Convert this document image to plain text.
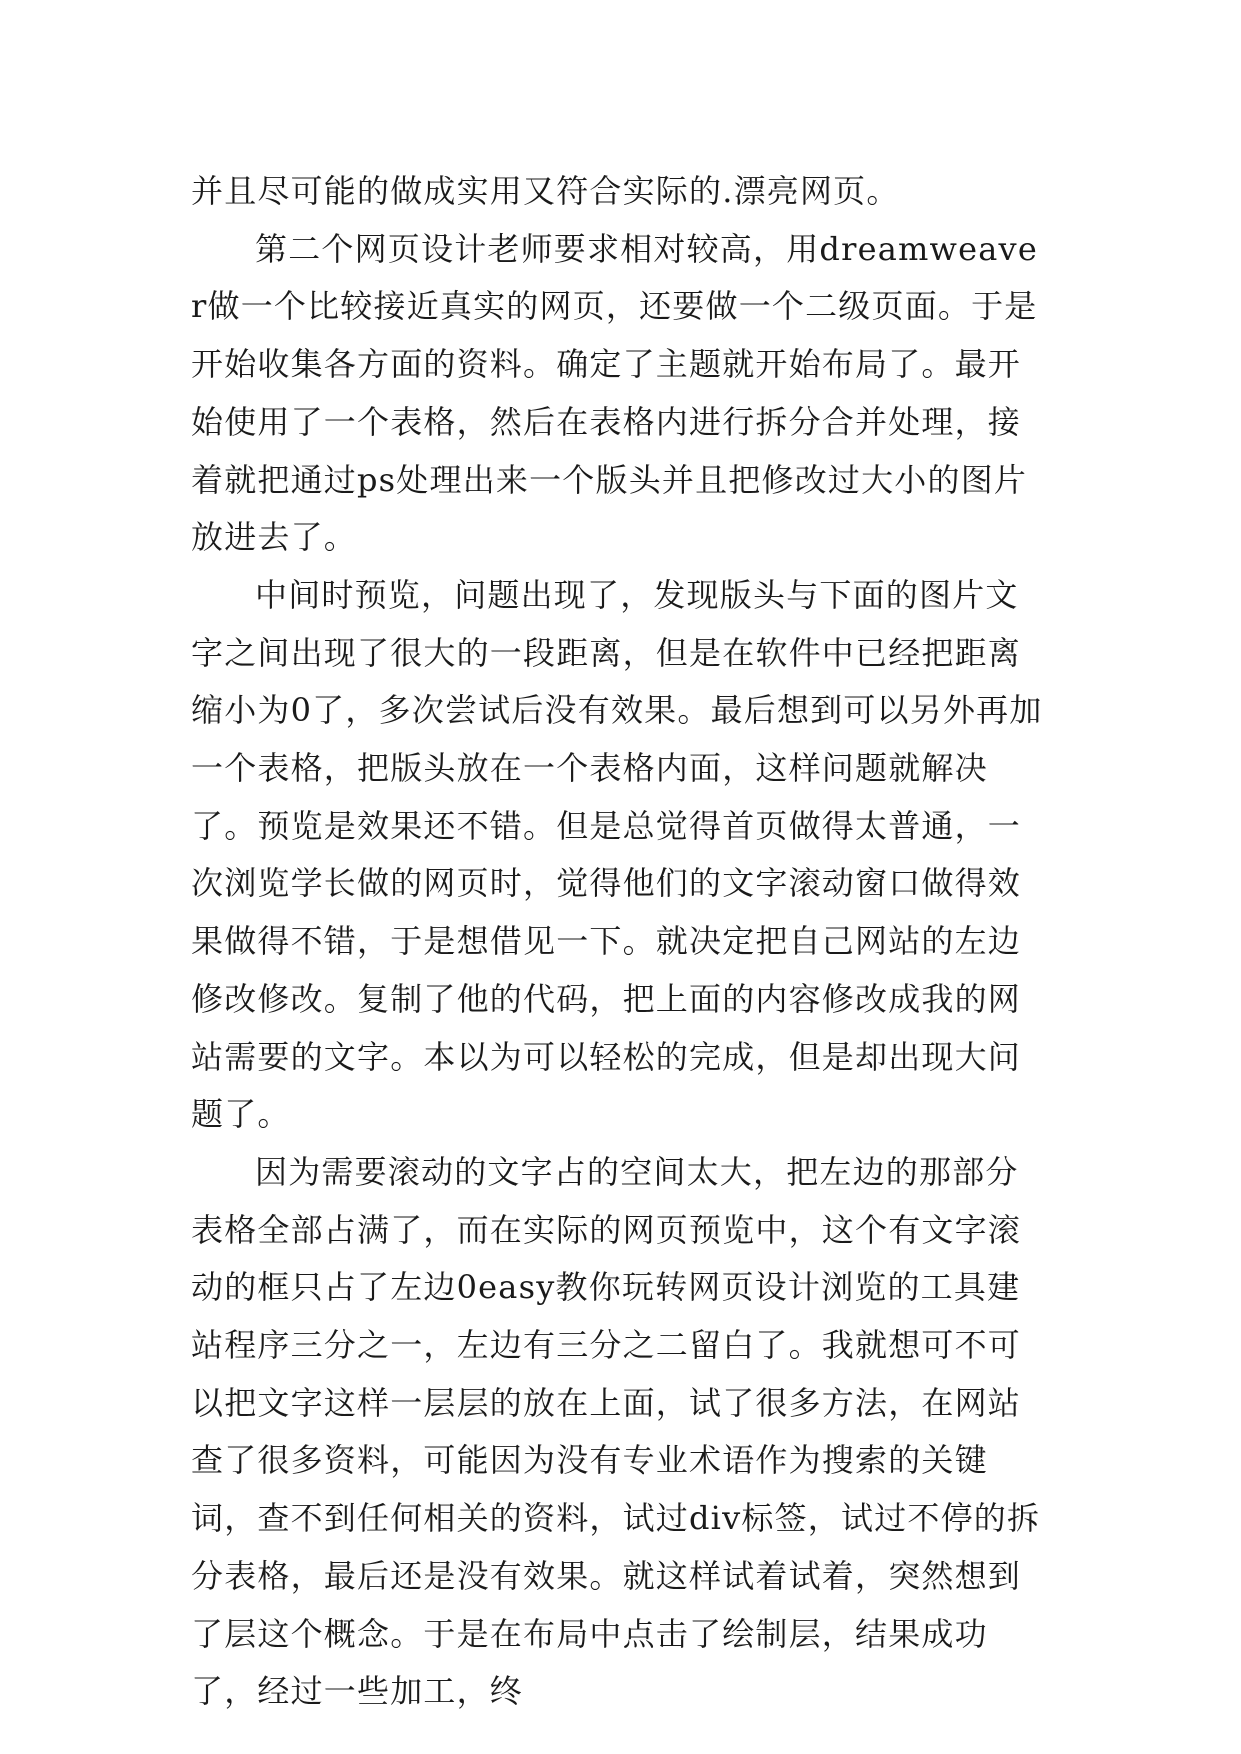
并且尽可能的做成实用又符合实际的.漂亮网页。

第二个网页设计老师要求相对较高，用dreamweaver做一个比较接近真实的网页，还要做一个二级页面。于是开始收集各方面的资料。确定了主题就开始布局了。最开始使用了一个表格，然后在表格内进行拆分合并处理，接着就把通过ps处理出来一个版头并且把修改过大小的图片放进去了。

中间时预览，问题出现了，发现版头与下面的图片文字之间出现了很大的一段距离，但是在软件中已经把距离缩小为0了，多次尝试后没有效果。最后想到可以另外再加一个表格，把版头放在一个表格内面，这样问题就解决了。预览是效果还不错。但是总觉得首页做得太普通，一次浏览学长做的网页时，觉得他们的文字滚动窗口做得效果做得不错，于是想借见一下。就决定把自己网站的左边修改修改。复制了他的代码，把上面的内容修改成我的网站需要的文字。本以为可以轻松的完成，但是却出现大问题了。

因为需要滚动的文字占的空间太大，把左边的那部分表格全部占满了，而在实际的网页预览中，这个有文字滚动的框只占了左边0easy教你玩转网页设计浏览的工具建站程序三分之一，左边有三分之二留白了。我就想可不可以把文字这样一层层的放在上面，试了很多方法，在网站查了很多资料，可能因为没有专业术语作为搜索的关键词，查不到任何相关的资料，试过div标签，试过不停的拆分表格，最后还是没有效果。就这样试着试着，突然想到了层这个概念。于是在布局中点击了绘制层，结果成功了，经过一些加工，终
